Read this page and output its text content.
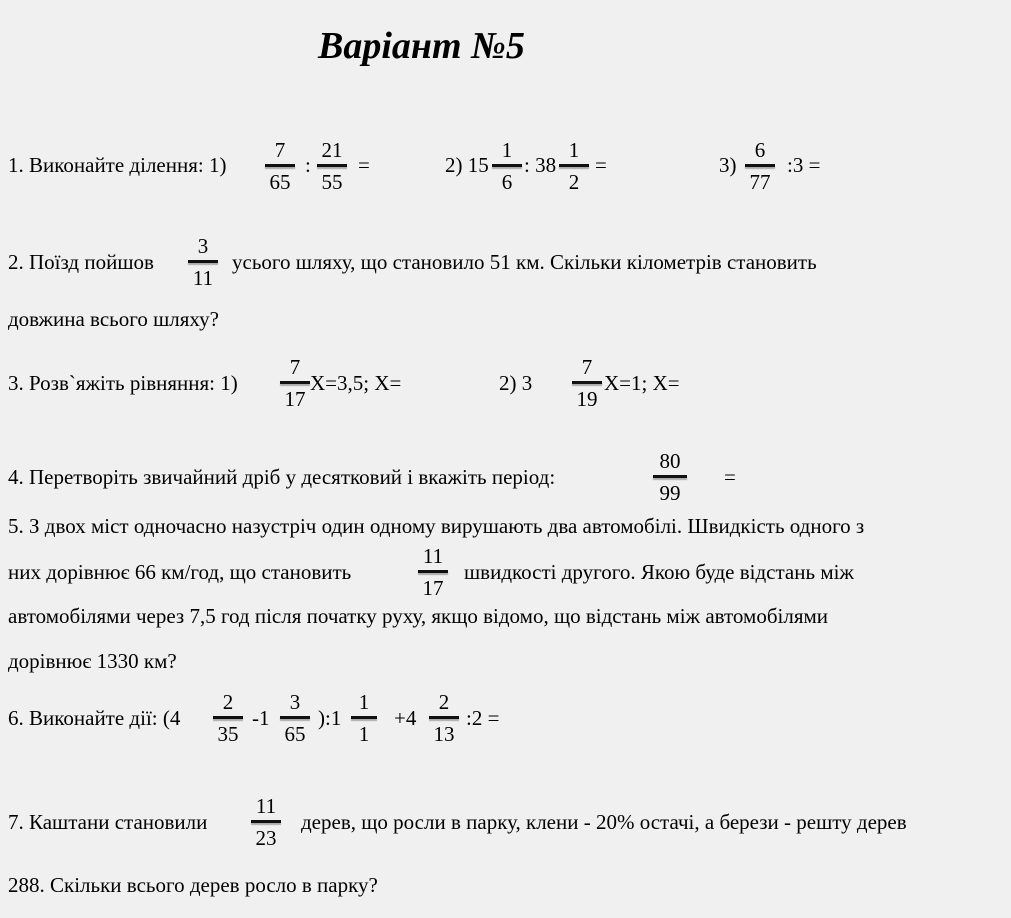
Варіант №5
1. Виконайте ділення: 1)
7
65
:
21
55
=	2) 15
1
6
: 38
1
2
=	3)
6
77
:3 =
2. Поїзд пойшов
3
11
усього шляху, що становило 51 км. Скільки кілометрів становить
довжина всього шляху?
3. Розв`яжіть рівняння: 1)
7
17
Х=3,5; Х=	2) 3
7
19
Х=1; Х=
4. Перетворіть звичайний дріб у десятковий і вкажіть період:
80
99
=
5. З двох міст одночасно назустріч один одному вирушають два автомобілі. Швидкість одного з
них дорівнює 66 км/год, що становить
11
17
швидкості другого. Якою буде відстань між
автомобілями через 7,5 год після початку руху, якщо відомо, що відстань між автомобілями
дорівнює 1330 км?
6. Виконайте дії: (4
2
35
-1
3
65
):1
1
1
+4
2
13
:2 =
7. Каштани становили
11
23
дерев, що росли в парку, клени - 20% остачі, а берези - решту дерев
288. Скільки всього дерев росло в парку?
